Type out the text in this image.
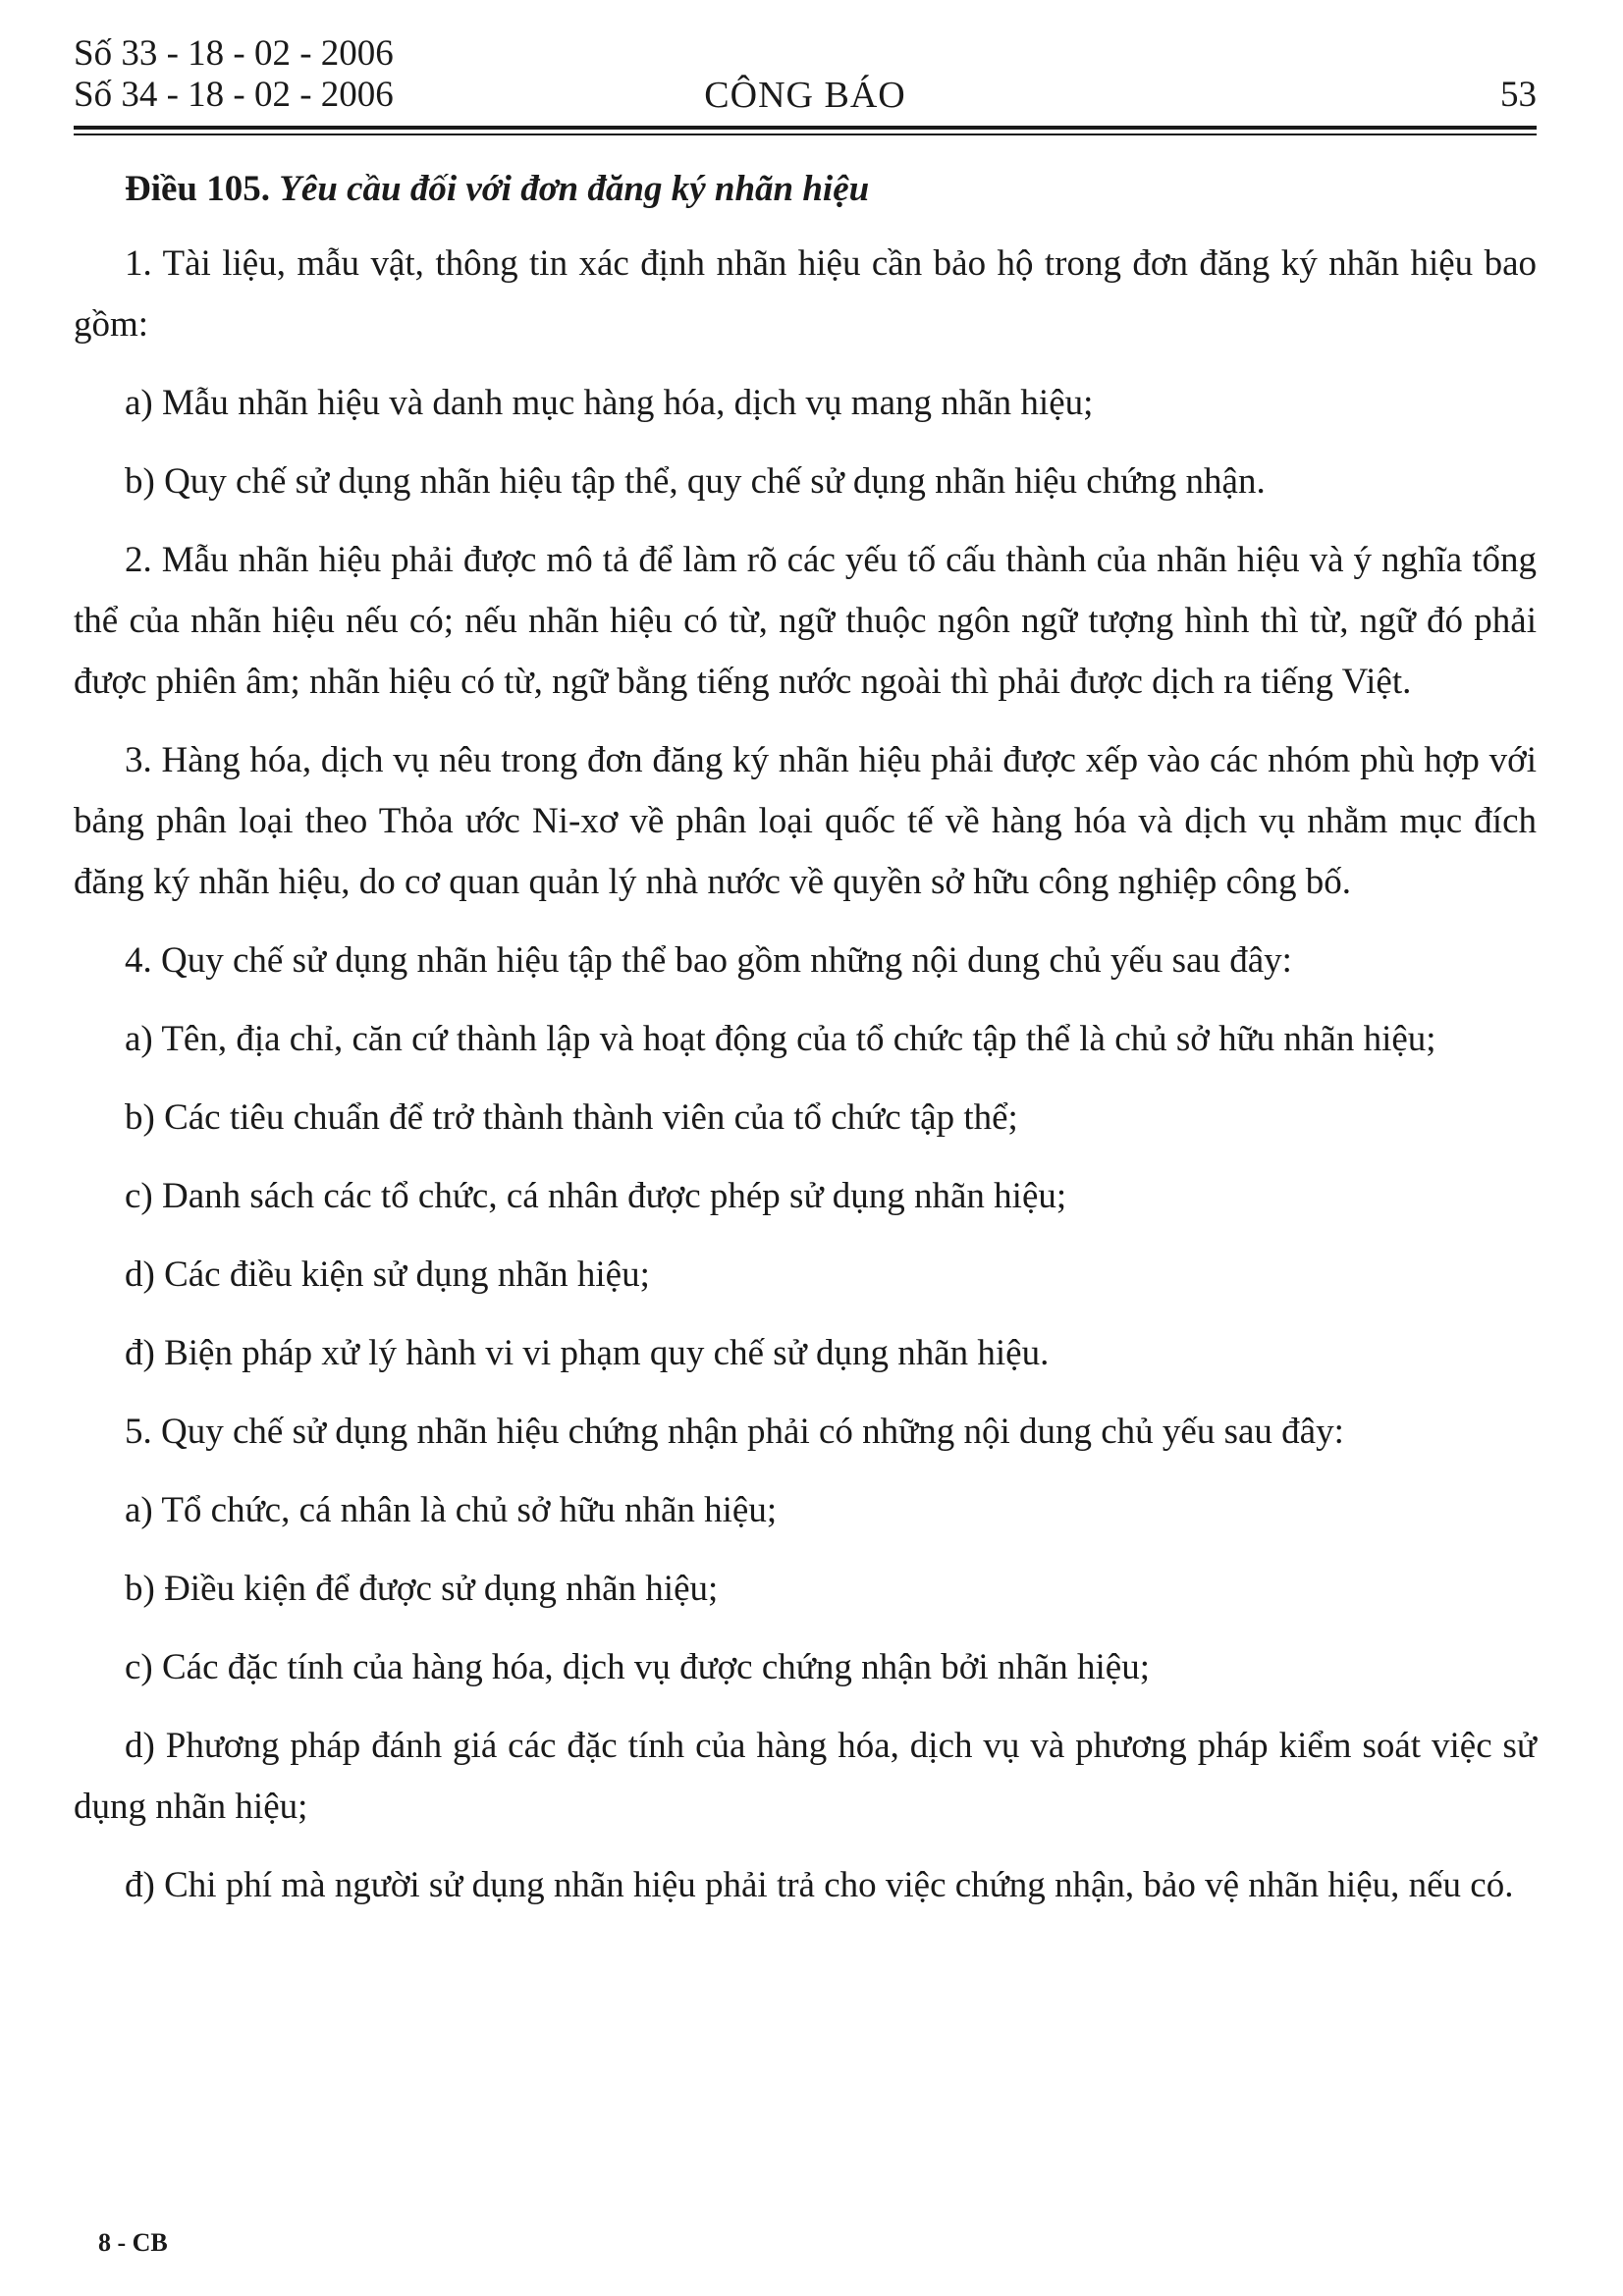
Số 33 - 18 - 02 - 2006
Số 34 - 18 - 02 - 2006	CÔNG BÁO	53
Điều 105. Yêu cầu đối với đơn đăng ký nhãn hiệu

1. Tài liệu, mẫu vật, thông tin xác định nhãn hiệu cần bảo hộ trong đơn đăng ký nhãn hiệu bao gồm:

a) Mẫu nhãn hiệu và danh mục hàng hóa, dịch vụ mang nhãn hiệu;

b) Quy chế sử dụng nhãn hiệu tập thể, quy chế sử dụng nhãn hiệu chứng nhận.

2. Mẫu nhãn hiệu phải được mô tả để làm rõ các yếu tố cấu thành của nhãn hiệu và ý nghĩa tổng thể của nhãn hiệu nếu có; nếu nhãn hiệu có từ, ngữ thuộc ngôn ngữ tượng hình thì từ, ngữ đó phải được phiên âm; nhãn hiệu có từ, ngữ bằng tiếng nước ngoài thì phải được dịch ra tiếng Việt.

3. Hàng hóa, dịch vụ nêu trong đơn đăng ký nhãn hiệu phải được xếp vào các nhóm phù hợp với bảng phân loại theo Thỏa ước Ni-xơ về phân loại quốc tế về hàng hóa và dịch vụ nhằm mục đích đăng ký nhãn hiệu, do cơ quan quản lý nhà nước về quyền sở hữu công nghiệp công bố.

4. Quy chế sử dụng nhãn hiệu tập thể bao gồm những nội dung chủ yếu sau đây:

a) Tên, địa chỉ, căn cứ thành lập và hoạt động của tổ chức tập thể là chủ sở hữu nhãn hiệu;

b) Các tiêu chuẩn để trở thành thành viên của tổ chức tập thể;

c) Danh sách các tổ chức, cá nhân được phép sử dụng nhãn hiệu;

d) Các điều kiện sử dụng nhãn hiệu;

đ) Biện pháp xử lý hành vi vi phạm quy chế sử dụng nhãn hiệu.

5. Quy chế sử dụng nhãn hiệu chứng nhận phải có những nội dung chủ yếu sau đây:

a) Tổ chức, cá nhân là chủ sở hữu nhãn hiệu;

b) Điều kiện để được sử dụng nhãn hiệu;

c) Các đặc tính của hàng hóa, dịch vụ được chứng nhận bởi nhãn hiệu;

d) Phương pháp đánh giá các đặc tính của hàng hóa, dịch vụ và phương pháp kiểm soát việc sử dụng nhãn hiệu;

đ) Chi phí mà người sử dụng nhãn hiệu phải trả cho việc chứng nhận, bảo vệ nhãn hiệu, nếu có.

8 - CB
